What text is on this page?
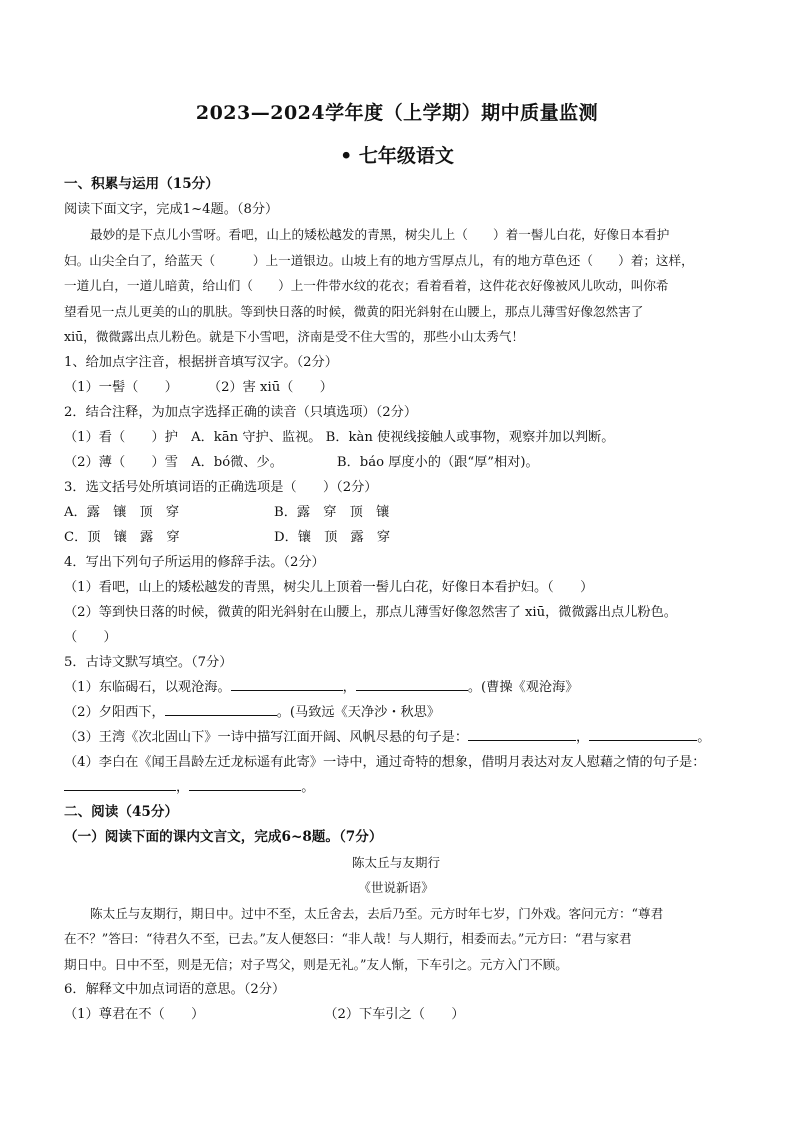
2023—2024学年度（上学期）期中质量监测
• 七年级语文
一、积累与运用（15分）
阅读下面文字，完成1~4题。（8分）
最妙的是下点儿小雪呀。看吧，山上的矮松越发的青黑，树尖儿上（　　）着一髻儿白花，好像日本看护
妇。山尖全白了，给蓝天（　　　）上一道银边。山坡上有的地方雪厚点儿，有的地方草色还（　　）着；这样，
一道儿白，一道儿暗黄，给山们（　　）上一件带水纹的花衣；看着看着，这件花衣好像被风儿吹动，叫你希
望看见一点儿更美的山的肌肤。等到快日落的时候，微黄的阳光斜射在山腰上，那点儿薄雪好像忽然害了
xiū，微微露出点儿粉色。就是下小雪吧，济南是受不住大雪的，那些小山太秀气！
1、给加点字注音，根据拼音填写汉字。（2分）
（1）一髻（　　） （2）害 xiū（　　）
2．结合注释，为加点字选择正确的读音（只填选项）（2分）
（1）看（　　）护　A．kān 守护、监视。 B．kàn 使视线接触人或事物，观察并加以判断。
（2）薄（　　）雪　A．bó微、少。	B．báo 厚度小的（跟“厚”相对)。
3．选文括号处所填词语的正确选项是（　　）（2分）
A．露　镶　顶　穿	B．露　穿　顶　镶
C．顶　镶　露　穿	D．镶　顶　露　穿
4．写出下列句子所运用的修辞手法。（2分）
（1）看吧，山上的矮松越发的青黑，树尖儿上顶着一髻儿白花，好像日本看护妇。（　　）
（2）等到快日落的时候，微黄的阳光斜射在山腰上，那点儿薄雪好像忽然害了 xiū，微微露出点儿粉色。
（　　）
5．古诗文默写填空。（7分）
（1）东临碣石，以观沧海。	，	。(曹操《观沧海》
（2）夕阳西下，	。(马致远《天净沙・秋思》
（3）王湾《次北固山下》一诗中描写江面开阔、风帆尽悬的句子是：	，	。
（4）李白在《闻王昌龄左迁龙标遥有此寄》一诗中，通过奇特的想象，借明月表达对友人慰藉之情的句子是：
，	。
二、阅读（45分）
（一）阅读下面的课内文言文，完成6~8题。（7分）
陈太丘与友期行
《世说新语》
陈太丘与友期行，期日中。过中不至，太丘舍去，去后乃至。元方时年七岁，门外戏。客问元方：“尊君
在不？”答曰：“待君久不至，已去。”友人便怒曰：“非人哉！与人期行，相委而去。”元方曰：“君与家君
期日中。日中不至，则是无信；对子骂父，则是无礼。”友人惭，下车引之。元方入门不顾。
6．解释文中加点词语的意思。（2分）
（1）尊君在不（　　）	（2）下车引之（　　）
